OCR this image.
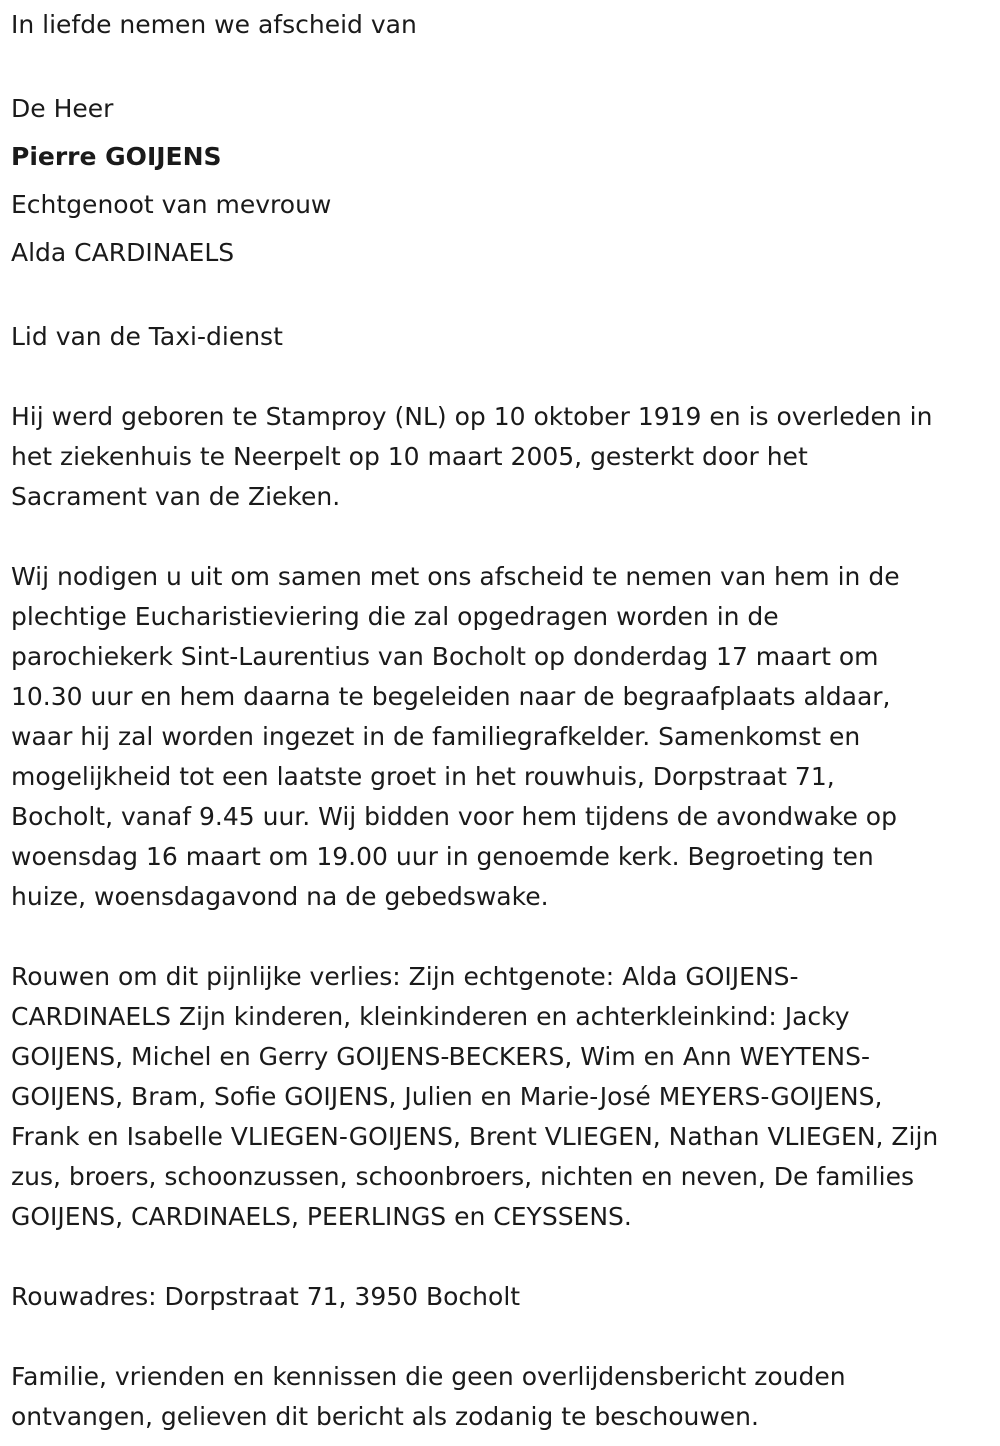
In liefde nemen we afscheid van
De Heer
Pierre GOIJENS
Echtgenoot van mevrouw
Alda CARDINAELS
Lid van de Taxi-dienst
Hij werd geboren te Stamproy (NL) op 10 oktober 1919 en is overleden in
het ziekenhuis te Neerpelt op 10 maart 2005, gesterkt door het
Sacrament van de Zieken.
Wij nodigen u uit om samen met ons afscheid te nemen van hem in de
plechtige Eucharistieviering die zal opgedragen worden in de
parochiekerk Sint-Laurentius van Bocholt op donderdag 17 maart om
10.30 uur en hem daarna te begeleiden naar de begraafplaats aldaar,
waar hij zal worden ingezet in de familiegrafkelder. Samenkomst en
mogelijkheid tot een laatste groet in het rouwhuis, Dorpstraat 71,
Bocholt, vanaf 9.45 uur. Wij bidden voor hem tijdens de avondwake op
woensdag 16 maart om 19.00 uur in genoemde kerk. Begroeting ten
huize, woensdagavond na de gebedswake.
Rouwen om dit pijnlijke verlies: Zijn echtgenote: Alda GOIJENS-
CARDINAELS Zijn kinderen, kleinkinderen en achterkleinkind: Jacky
GOIJENS, Michel en Gerry GOIJENS-BECKERS, Wim en Ann WEYTENS-
GOIJENS, Bram, Sofie GOIJENS, Julien en Marie-José MEYERS-GOIJENS,
Frank en Isabelle VLIEGEN-GOIJENS, Brent VLIEGEN, Nathan VLIEGEN, Zijn
zus, broers, schoonzussen, schoonbroers, nichten en neven, De families
GOIJENS, CARDINAELS, PEERLINGS en CEYSSENS.
Rouwadres: Dorpstraat 71, 3950 Bocholt
Familie, vrienden en kennissen die geen overlijdensbericht zouden
ontvangen, gelieven dit bericht als zodanig te beschouwen.
